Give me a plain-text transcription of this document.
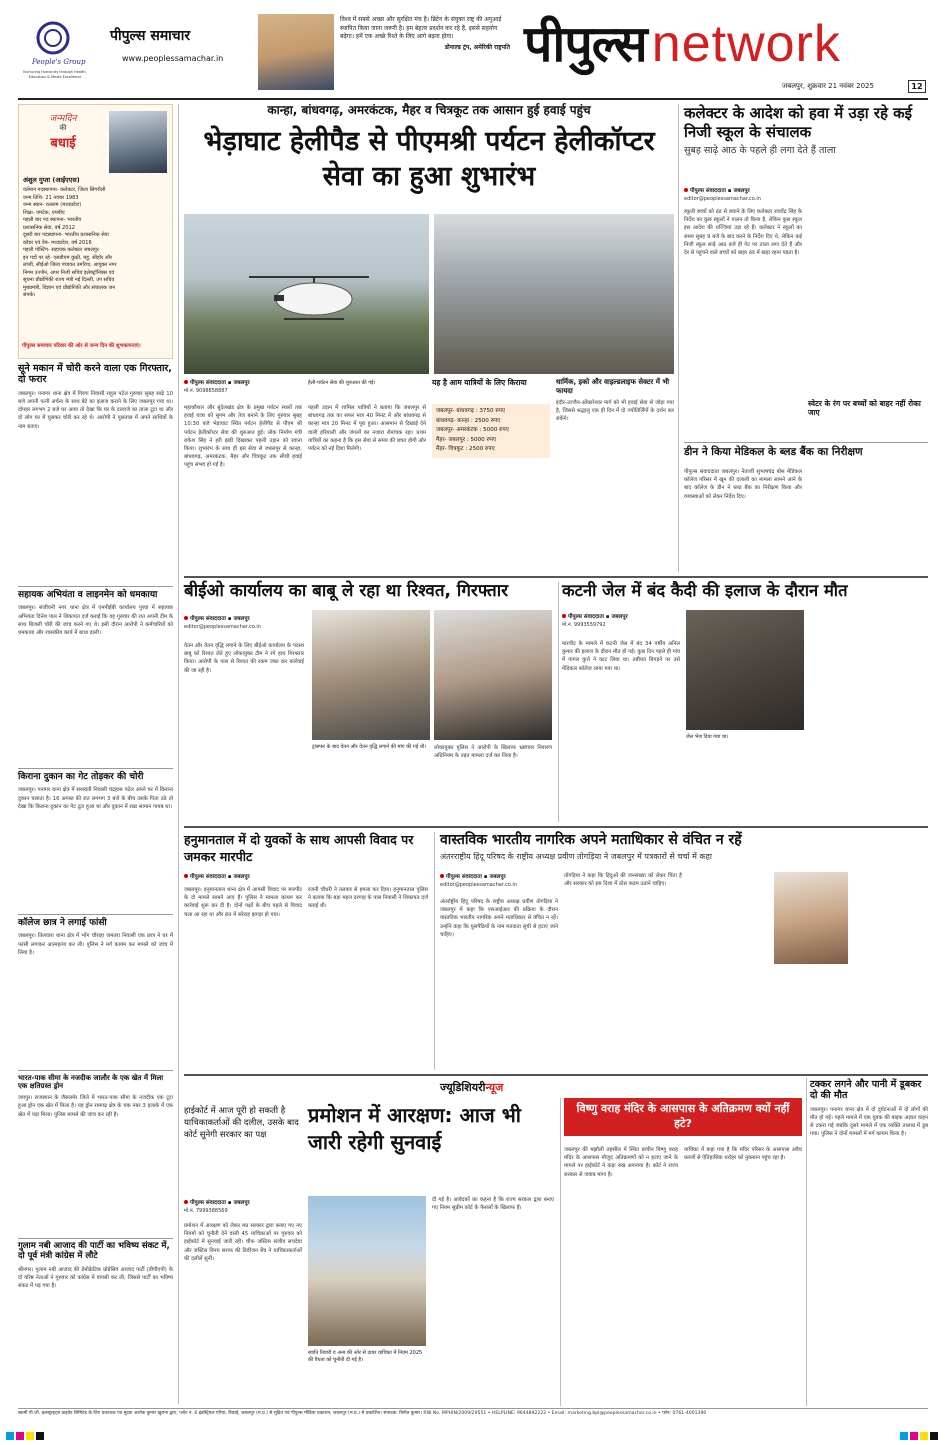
People's Group
Nurturing Humanity through Health, Education & Media Excellence
पीपुल्स समाचार
www.peoplessamachar.in
विश्व में सबसे अच्छा और सुरक्षित मंच है। ब्रिटेन के संयुक्त राष्ट्र की अगुआई स्थापित किया जाना जरूरी है। हम बेहतर प्रदर्शन कर रहे हैं, इससे सहयोग बढ़ेगा। हमें एक अच्छे रिश्ते के लिए आगे बढ़ना होगा।
डोनाल्ड ट्रंप, अमेरिकी राष्ट्रपति पीपुल्स network
जबलपुर, शुक्रवार 21 नवंबर 2025	12
जन्मदिन
की
बधाई
अंशुल गुप्ता (आईएएस)
वर्तमान पदस्थापना- कलेक्टर, जिला सिंगरौली
जन्म तिथि- 21 नवंबर 1983
जन्म स्थान- रतलाम (मध्यप्रदेश)
शिक्षा- एमटेक, एमबीए
पहली बार पद स्थापना- भारतीय
प्रशासनिक सेवा, वर्ष 2012
दूसरी बार पदस्थापना- भारतीय प्रशासनिक सेवा
कॉडर एवं वेब- मध्यप्रदेश, वर्ष 2016
पहली पोस्टिंग- सहायक कलेक्टर जबलपुर
इन पदों पर रहे- एसडीएम कुक्षी, महू, सीहोर और
लांजी, सीईओ जिला पंचायत उमरिया, आयुक्त नगर
निगम उज्जैन, अपर निजी सचिव इलेक्ट्रॉनिक्स एवं
सूचना प्रौद्योगिकी राज्य मंत्री नई दिल्ली, उप सचिव
मुख्यमंत्री, विज्ञान एवं प्रौद्योगिकी और संचालक जन
संपर्क।
पीपुल्स समाचार परिवार की ओर से जन्म दिन की शुभकामनाएं।
सूने मकान में चोरी करने वाला एक गिरफ्तार, दो फरार
जबलपुर। पनागर थाना क्षेत्र में गिरगा निवासी राहुल पटेल गुरुवार सुबह साढ़े 10 बजे अपनी पत्नी अर्चना के साथ बेटे का इलाज कराने के लिए जबलपुर गया था। दोपहर लगभग 2 बजे घर आया तो देखा कि घर के दरवाजे का ताला टूटा था और दो लोग घर में घुसकर चोरी कर रहे थे। आरोपी ने पूछताछ में अपने साथियों के नाम बताए।
सहायक अभियंता व लाइनमेन को धमकाया
जबलपुर। संजीवनी नगर थाना क्षेत्र में एमपीईबी कार्यालय पुरवा में सहायक अभियंता दिनेश पाल ने शिकायत दर्ज कराई कि वह गुरुवार की रात अपनी टीम के साथ बिजली चोरी की जांच करने गए थे। इसी दौरान आरोपी ने कर्मचारियों को धमकाया और शासकीय कार्य में बाधा डाली।
किराना दुकान का गेट तोड़कर की चोरी
जबलपुर। पनागर थाना क्षेत्र में सरस्वती निवासी चंद्रहास पटेल अपने घर में किराना दुकान चलाता है। 16 अगस्त की रात लगभग 3 बजे के बीच उसके पिता उठे तो देखा कि किराना दुकान का गेट टूटा हुआ था और दुकान में रखा सामान गायब था।
कॉलेज छात्र ने लगाई फांसी
जबलपुर। तिलवारा थाना क्षेत्र में भोंग चौराहा जमतरा निवासी एक छात्र ने घर में फांसी लगाकर आत्महत्या कर ली। पुलिस ने मर्ग कायम कर मामले को जांच में लिया है।
भारत-पाक सीमा के नजदीक जालौर के एक खेत में मिला एक क्षतिग्रस्त ड्रोन
जयपुर। राजस्थान के जैसलमेर जिले में भारत-पाक सीमा के नजदीक एक टूटा हुआ ड्रोन एक खेत में मिला है। यह ड्रोन रामगढ़ क्षेत्र के चक नंबर 3 इलाके में एक खेत में पड़ा मिला। पुलिस मामले की जांच कर रही है।
गुलाम नबी आजाद की पार्टी का भविष्य संकट में, दो पूर्व मंत्री कांग्रेस में लौटे
श्रीनगर। गुलाम नबी आजाद की डेमोक्रेटिक प्रोग्रेसिव आजाद पार्टी (डीपीएपी) के दो वरिष्ठ नेताओं ने गुरुवार को कांग्रेस में वापसी कर ली, जिससे पार्टी का भविष्य संकट में पड़ गया है।
कान्हा, बांधवगढ़, अमरकंटक, मैहर व चित्रकूट तक आसान हुई हवाई पहुंच
भेड़ाघाट हेलीपैड से पीएमश्री पर्यटन हेलीकॉप्टर सेवा का हुआ शुभारंभ
पीपुल्स संवाददाता ▪ जबलपुर
मो.नं. 9098858887
हेली-पर्यटन सेवा की शुरुआत की गई।
महाकौशल और बुंदेलखंड क्षेत्र के प्रमुख पर्यटन स्थलों तक हवाई यात्रा को सुगम और तेज बनाने के लिए गुरुवार सुबह 10:30 बजे भेड़ाघाट स्थित पर्यटन हेलीपैड से पीएम श्री पर्यटन हेलीकॉप्टर सेवा की शुरुआत हुई। लोक निर्माण मंत्री राकेश सिंह ने हरी झंडी दिखाकर पहली उड़ान को रवाना किया। शुभारंभ के साथ ही इस सेवा से जबलपुर से कान्हा, बांधवगढ़, अमरकंटक, मैहर और चित्रकूट तक सीधी हवाई पहुंच संभव हो गई है।
पहली उड़ान में शामिल यात्रियों ने बताया कि जबलपुर से बांधवगढ़ तक का सफर मात्र 40 मिनट में और बांधवगढ़ से कान्हा मात्र 20 मिनट में पूरा हुआ। आसमान से दिखाई देने वाली हरियाली और जंगलों का नजारा रोमांचक रहा। प्रथम यात्रियों का कहना है कि इस सेवा से समय की बचत होगी और पर्यटन को नई दिशा मिलेगी।
यह है आम यात्रियों के लिए किराया
जबलपुर- बांधवगढ़ : 3750 रुपए
बांधवगढ़- कान्हा : 2500 रुपए
जबलपुर- अमरकंटक : 5000 रुपए
मैहर- जबलपुर : 5000 रुपए
मैहर- चित्रकूट : 2500 रुपए
धार्मिक, इको और वाइल्डलाइफ सेक्टर में भी फायदा
इंदौर-उज्जैन-ओंकारेश्वर मार्ग को भी हवाई सेवा से जोड़ा गया है, जिससे श्रद्धालु एक ही दिन में दो ज्योतिर्लिंगों के दर्शन कर सकेंगे।
कलेक्टर के आदेश को हवा में उड़ा रहे कई निजी स्कूल के संचालक
सुबह साढ़े आठ के पहले ही लगा देते हैं ताला
पीपुल्स संवाददाता ▪ जबलपुर
editor@peoplessamachar.co.in
स्कूली बच्चों को ठंड से बचाने के लिए कलेक्टर राघवेंद्र सिंह के निर्देश का कुछ स्कूलों ने पालन तो किया है, लेकिन कुछ स्कूल इस आदेश की धज्जियां उड़ा रहे हैं। कलेक्टर ने स्कूलों का समय सुबह 9 बजे के बाद करने के निर्देश दिए थे, लेकिन कई निजी स्कूल साढ़े आठ बजे ही गेट पर ताला लगा देते हैं और देर से पहुंचने वाले बच्चों को बाहर ठंड में खड़ा रहना पड़ता है।
स्वेटर के रंग पर बच्चों को बाहर नहीं रोका जाए
डीन ने किया मेडिकल के ब्लड बैंक का निरीक्षण
पीपुल्स संवाददाता जबलपुर। नेताजी सुभाषचंद्र बोस मेडिकल कॉलेज परिसर में खून की दलाली का मामला सामने आने के बाद कॉलेज के डीन ने ब्लड बैंक का निरीक्षण किया और व्यवस्थाओं को लेकर निर्देश दिए।
बीईओ कार्यालय का बाबू ले रहा था रिश्वत, गिरफ्तार
पीपुल्स संवाददाता ▪ जबलपुर
editor@peoplessamachar.co.in
वेतन और वेतन वृद्धि लगाने के लिए बीईओ कार्यालय के पदस्थ बाबू को रिश्वत लेते हुए लोकायुक्त टीम ने रंगे हाथ गिरफ्तार किया। आरोपी के पास से रिश्वत की रकम जब्त कर कार्रवाई की जा रही है।
ट्रांसफर के बाद वेतन और वेतन वृद्धि लगाने की मांग की गई थी।	लोकायुक्त पुलिस ने आरोपी के खिलाफ भ्रष्टाचार निवारण अधिनियम के तहत मामला दर्ज कर लिया है।
कटनी जेल में बंद कैदी की इलाज के दौरान मौत
पीपुल्स संवाददाता ▪ जबलपुर
मो.नं. 9993559792
मारपीट के मामले में कटनी जेल में बंद 34 वर्षीय अनिल कुमार की इलाज के दौरान मौत हो गई। कुछ दिन पहले ही गांव में पागल कुत्ते ने काट लिया था। तबीयत बिगड़ने पर उसे मेडिकल कॉलेज लाया गया था।
जेल भेज दिया गया था।
हनुमानताल में दो युवकों के साथ आपसी विवाद पर जमकर मारपीट
पीपुल्स संवाददाता ▪ जबलपुर
जबलपुर। हनुमानताल थाना क्षेत्र में आपसी विवाद पर मारपीट के दो मामले सामने आए हैं। पुलिस ने मामला कायम कर कार्रवाई शुरू कर दी है। दोनों पक्षों के बीच पहले से विवाद चला आ रहा था और रात में सरेराह झगड़ा हो गया।
रजनी चौधरी ने तलवार से हमला कर दिया। हनुमानताल पुलिस ने बताया कि बड़ा महल दरगाह के पास निवासी ने शिकायत दर्ज कराई थी।
वास्तविक भारतीय नागरिक अपने मताधिकार से वंचित न रहें
अंतरराष्ट्रीय हिंदू परिषद के राष्ट्रीय अध्यक्ष प्रवीण तोगड़िया ने जबलपुर में पत्रकारों से चर्चा में कहा
पीपुल्स संवाददाता ▪ जबलपुर
editor@peoplessamachar.co.in
अंतर्राष्ट्रीय हिंदू परिषद के राष्ट्रीय अध्यक्ष प्रवीण तोगड़िया ने जबलपुर में कहा कि एसआईआर की प्रक्रिया के दौरान वास्तविक भारतीय नागरिक अपने मताधिकार से वंचित न रहें। उन्होंने कहा कि घुसपैठियों के नाम मतदाता सूची से हटाए जाने चाहिए।
तोगड़िया ने कहा कि हिंदुओं की जनसंख्या को लेकर चिंता है और सरकार को इस दिशा में ठोस कदम उठाने चाहिए।
ज्यूडिशियरीन्यूज
हाईकोर्ट में आज पूरी हो सकती है याचिकाकर्ताओं की दलील, उसके बाद कोर्ट सुनेगी सरकार का पक्ष
प्रमोशन में आरक्षण: आज भी जारी रहेगी सुनवाई
पीपुल्स संवाददाता ▪ जबलपुर
मो.नं. 7999388569
प्रमोशन में आरक्षण को लेकर मप्र सरकार द्वारा बनाए गए नए नियमों को चुनौती देने वाली 45 याचिकाओं पर गुरुवार को हाईकोर्ट में सुनवाई जारी रही। चीफ जस्टिस संजीव सचदेवा और जस्टिस विनय सराफ की डिवीजन बेंच ने याचिकाकर्ताओं की दलीलें सुनीं।
स्वाति तिवारी व अन्य की ओर से दायर याचिका में नियम 2025 की वैधता को चुनौती दी गई है।
दी गई है। आवेदकों का कहना है कि राज्य सरकार द्वारा बनाए गए नियम सुप्रीम कोर्ट के फैसलों के खिलाफ हैं।
विष्णु वराह मंदिर के आसपास के अतिक्रमण क्यों नहीं हटे?
जबलपुर की मझौली तहसील में स्थित प्राचीन विष्णु वराह मंदिर के आसपास मौजूद अतिक्रमणों को न हटाए जाने के मामले पर हाईकोर्ट ने कड़ा रुख अपनाया है। कोर्ट ने राज्य सरकार से जवाब मांगा है।
याचिका में कहा गया है कि मंदिर परिसर के आसपास अवैध कब्जों से ऐतिहासिक धरोहर को नुकसान पहुंच रहा है।
टक्कर लगने और पानी में डूबकर दो की मौत
जबलपुर। पनागर थाना क्षेत्र में दो दुर्घटनाओं में दो लोगों की मौत हो गई। पहले मामले में एक युवक की बाइक अज्ञात वाहन से टकरा गई जबकि दूसरे मामले में एक व्यक्ति तालाब में डूब गया। पुलिस ने दोनों मामलों में मर्ग कायम किया है।
स्वामी पी.जी. इलस्ट्राइट्स प्राइवेट लिमिटेड के लिए प्रकाशक एवं मुद्रक अशोक कुमार खुराना द्वारा, प्लॉट नं. 6 इंडस्ट्रियल एरिया, रिछाई, जबलपुर (म.प्र.) से मुद्रित एवं पीपुल्स मीडिया प्रकाशन, जबलपुर (म.प्र.) से प्रकाशित। संपादक: विनीत कुमार। RNI No. MPHIN/2009/29551 • HELPLINE: 9644892222 • Email: marketing.bpl@peoplessamachar.co.in • फोन: 0761-4001390
